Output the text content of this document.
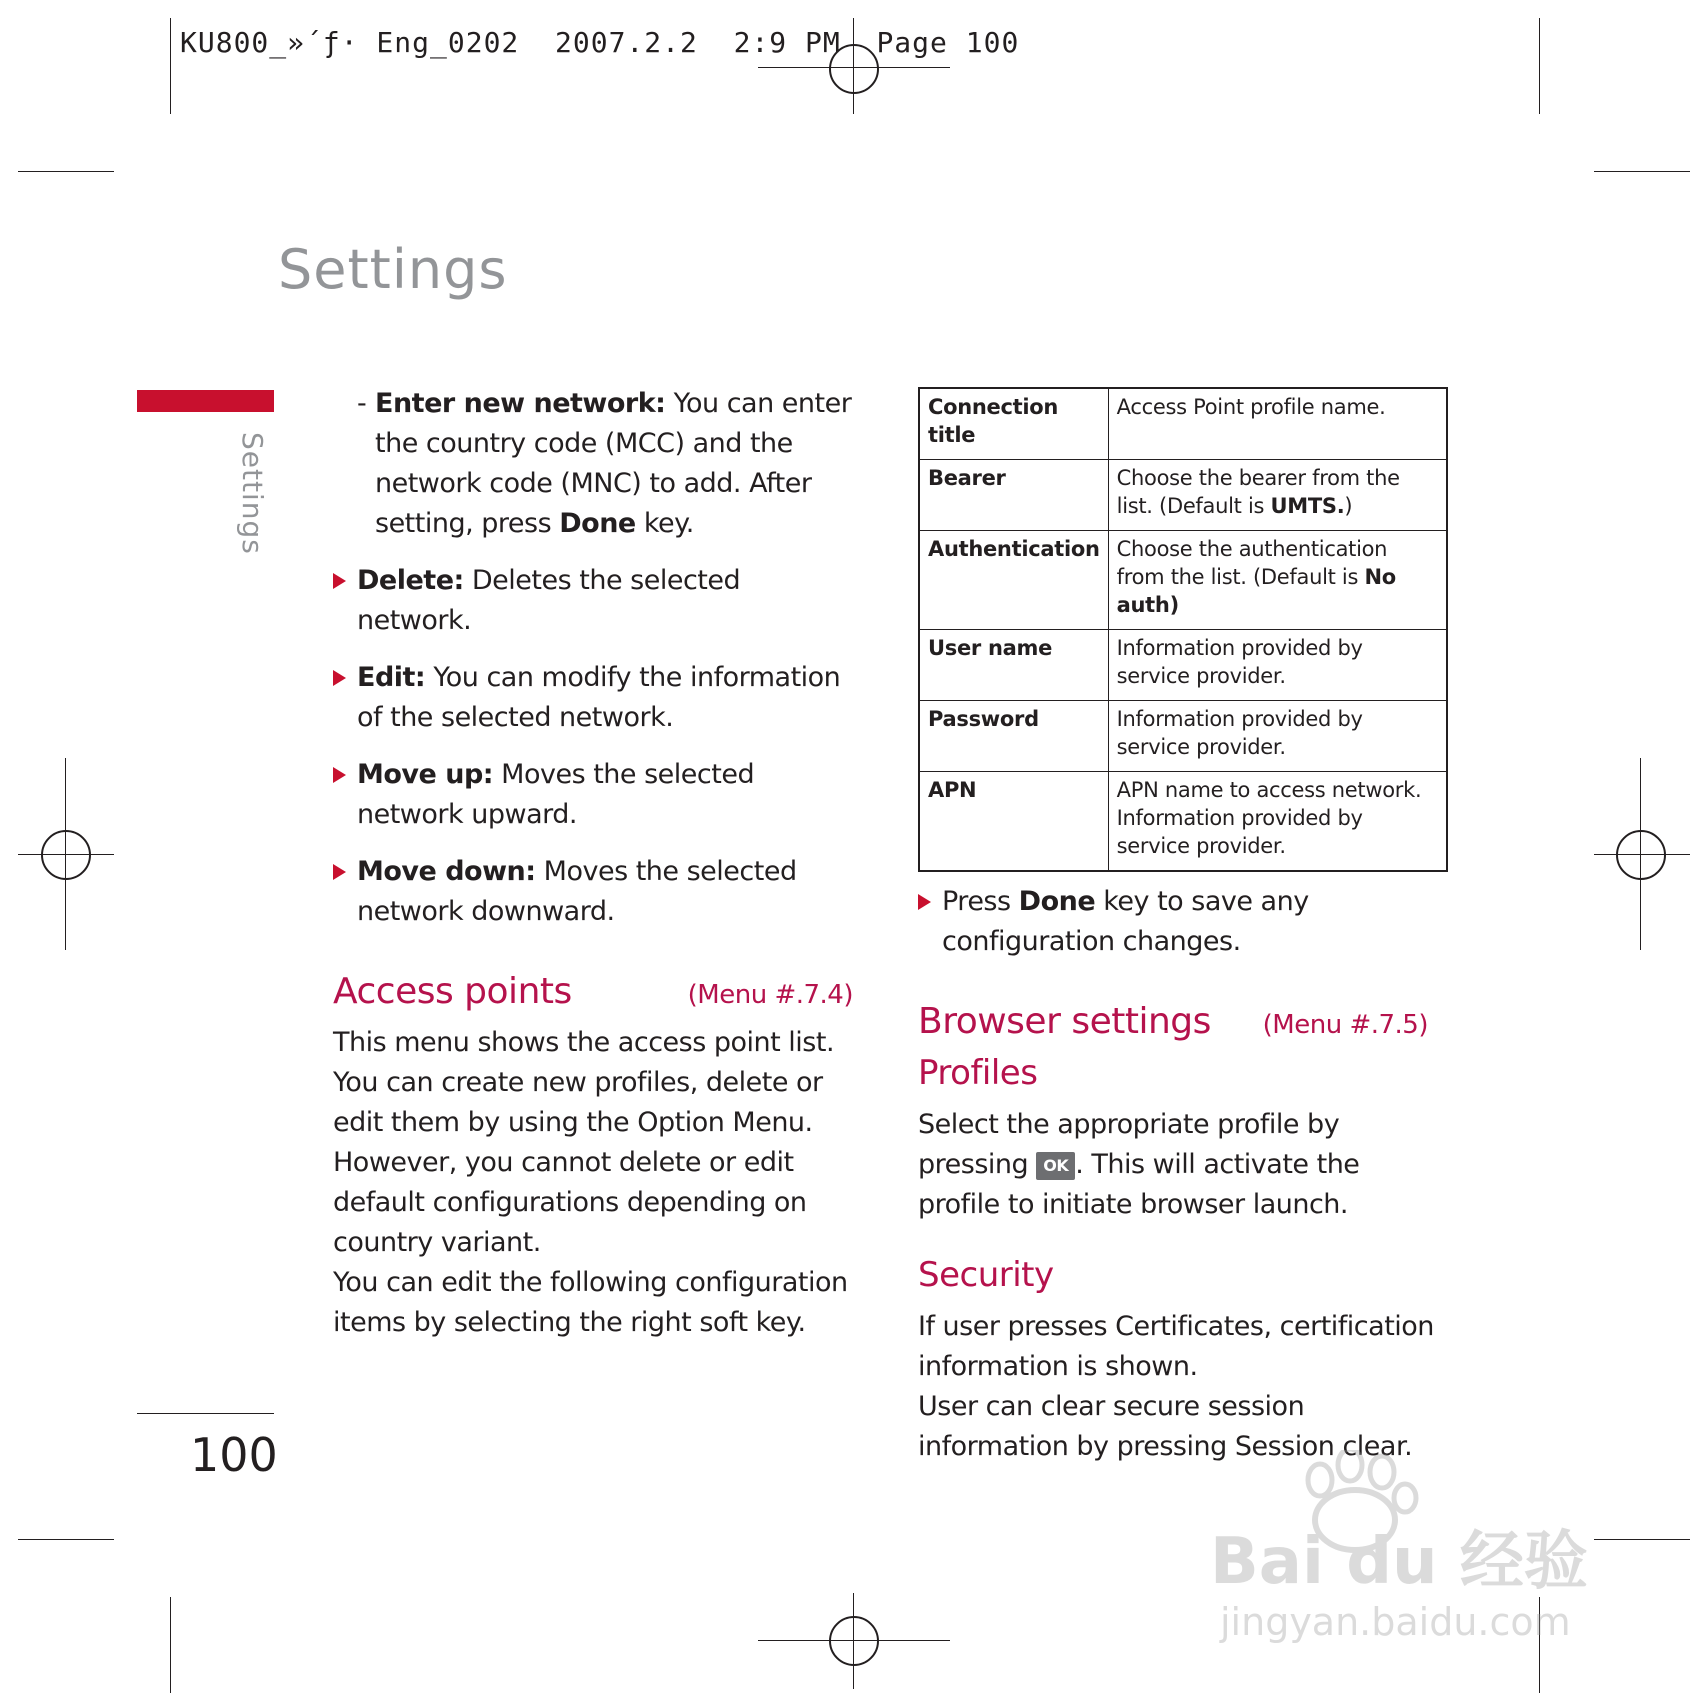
KU800_»´ƒ· Eng_0202  2007.2.2  2:9 PM  Page 100
Settings
Settings
100
- Enter new network: You can enter the country code (MCC) and the network code (MNC) to add. After setting, press Done key.
Delete: Deletes the selected network.
Edit: You can modify the information of the selected network.
Move up: Moves the selected network upward.
Move down: Moves the selected network downward.
Access points	(Menu #.7.4)
This menu shows the access point list. You can create new profiles, delete or edit them by using the Option Menu. However, you cannot delete or edit default configurations depending on country variant.
You can edit the following configuration items by selecting the right soft key.
Connection title	Access Point profile name.
Bearer	Choose the bearer from the list. (Default is UMTS.)
Authentication	Choose the authentication from the list. (Default is No auth)
User name	Information provided by service provider.
Password	Information provided by service provider.
APN	APN name to access network. Information provided by service provider.
Press Done key to save any configuration changes.
Browser settings (Menu #.7.5)
Profiles
Select the appropriate profile by pressing OK . This will activate the profile to initiate browser launch.
Security
If user presses Certificates, certification information is shown.
User can clear secure session information by pressing Session clear.
Bai du 经验
jingyan.baidu.com
